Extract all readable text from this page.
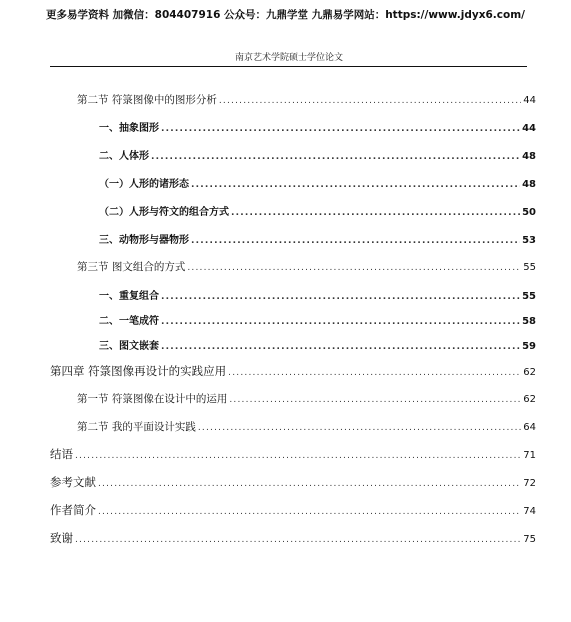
更多易学资料 加微信：804407916 公众号：九鼎学堂 九鼎易学网站：https://www.jdyx6.com/
南京艺术学院硕士学位论文
第二节 符箓图像中的图形分析 .....	44
一、抽象图形 .....	44
二、人体形 .....	48
（一）人形的诸形态 .....	48
（二）人形与符文的组合方式 .....	50
三、动物形与器物形 .....	53
第三节 图文组合的方式 .....	55
一、重复组合 .....	55
二、一笔成符 .....	58
三、图文嵌套 .....	59
第四章 符箓图像再设计的实践应用 .....	62
第一节 符箓图像在设计中的运用 .....	62
第二节 我的平面设计实践 .....	64
结语 .....	71
参考文献 .....	72
作者简介 .....	74
致谢 .....	75
